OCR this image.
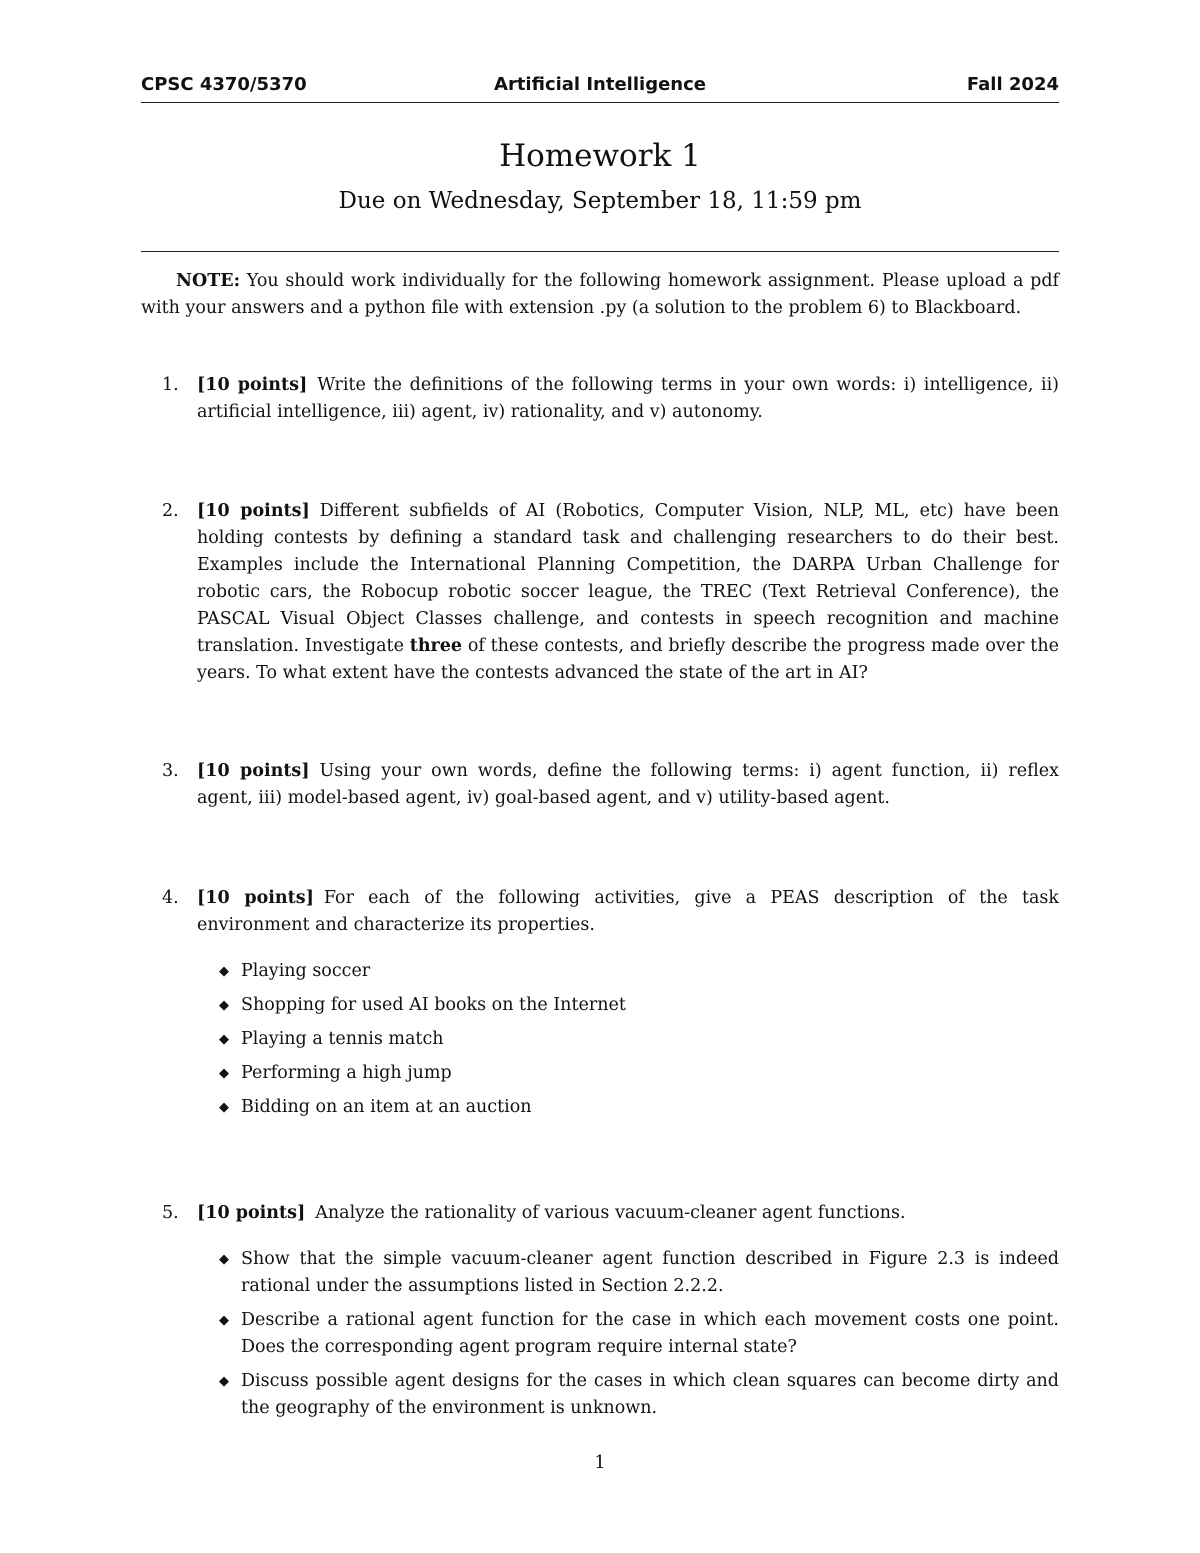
CPSC 4370/5370	Artificial Intelligence	Fall 2024
Homework 1
Due on Wednesday, September 18, 11:59 pm
NOTE: You should work individually for the following homework assignment. Please upload a pdf with your answers and a python file with extension .py (a solution to the problem 6) to Blackboard.
1.	[10 points] Write the definitions of the following terms in your own words: i) intelligence, ii) artificial intelligence, iii) agent, iv) rationality, and v) autonomy.
2.	[10 points] Different subfields of AI (Robotics, Computer Vision, NLP, ML, etc) have been holding contests by defining a standard task and challenging researchers to do their best. Examples include the International Planning Competition, the DARPA Urban Challenge for robotic cars, the Robocup robotic soccer league, the TREC (Text Retrieval Conference), the PASCAL Visual Object Classes challenge, and contests in speech recognition and machine translation. Investigate three of these contests, and briefly describe the progress made over the years. To what extent have the contests advanced the state of the art in AI?
3.	[10 points] Using your own words, define the following terms: i) agent function, ii) reflex agent, iii) model-based agent, iv) goal-based agent, and v) utility-based agent.
4.	[10 points] For each of the following activities, give a PEAS description of the task environment and characterize its properties.
◆ Playing soccer
◆ Shopping for used AI books on the Internet
◆ Playing a tennis match
◆ Performing a high jump
◆ Bidding on an item at an auction
5.	[10 points] Analyze the rationality of various vacuum-cleaner agent functions.
◆ Show that the simple vacuum-cleaner agent function described in Figure 2.3 is indeed rational under the assumptions listed in Section 2.2.2.
◆ Describe a rational agent function for the case in which each movement costs one point. Does the corresponding agent program require internal state?
◆ Discuss possible agent designs for the cases in which clean squares can become dirty and the geography of the environment is unknown.
1
